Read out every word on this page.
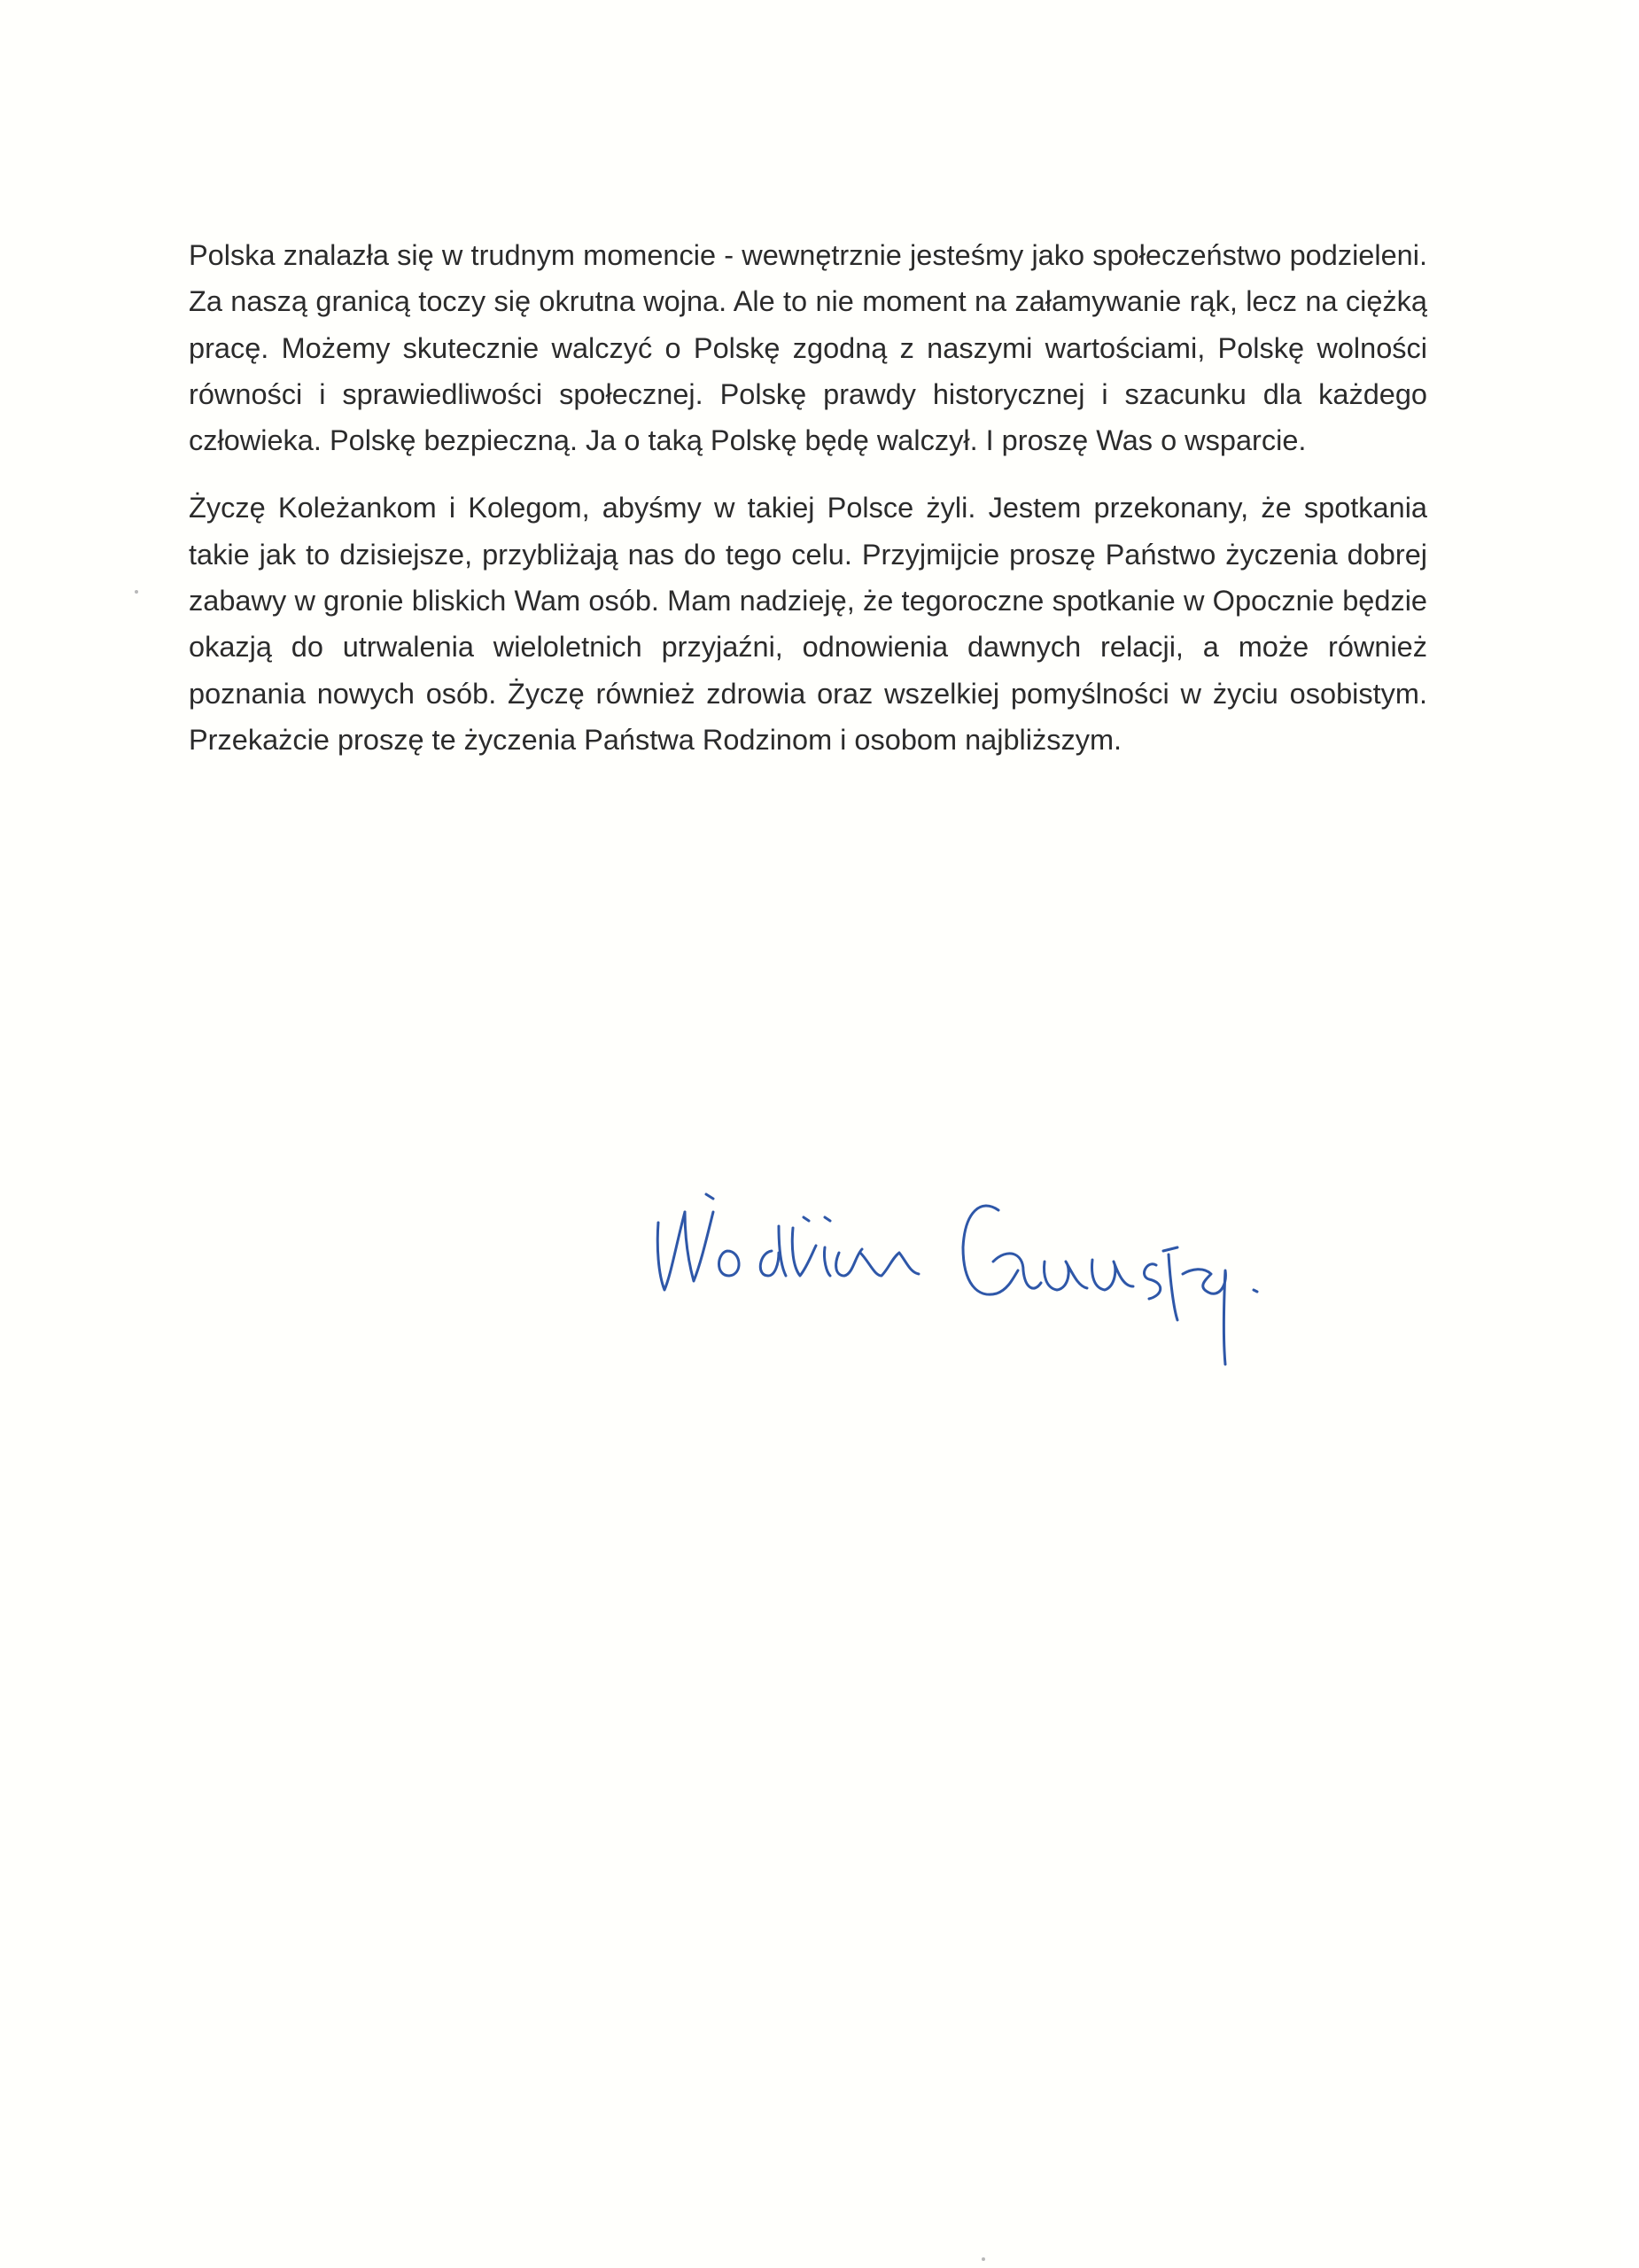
Polska znalazła się w trudnym momencie - wewnętrznie jesteśmy jako społeczeństwo podzieleni. Za naszą granicą toczy się okrutna wojna. Ale to nie moment na załamywanie rąk, lecz na ciężką pracę. Możemy skutecznie walczyć o Polskę zgodną z naszymi wartościami, Polskę wolności równości i sprawiedliwości społecznej. Polskę prawdy historycznej i szacunku dla każdego człowieka. Polskę bezpieczną. Ja o taką Polskę będę walczył. I proszę Was o wsparcie.

Życzę Koleżankom i Kolegom, abyśmy w takiej Polsce żyli. Jestem przekonany, że spotkania takie jak to dzisiejsze, przybliżają nas do tego celu. Przyjmijcie proszę Państwo życzenia dobrej zabawy w gronie bliskich Wam osób. Mam nadzieję, że tegoroczne spotkanie w Opocznie będzie okazją do utrwalenia wieloletnich przyjaźni, odnowienia dawnych relacji, a może również poznania nowych osób. Życzę również zdrowia oraz wszelkiej pomyślności w życiu osobistym. Przekażcie proszę te życzenia Państwa Rodzinom i osobom najbliższym.
